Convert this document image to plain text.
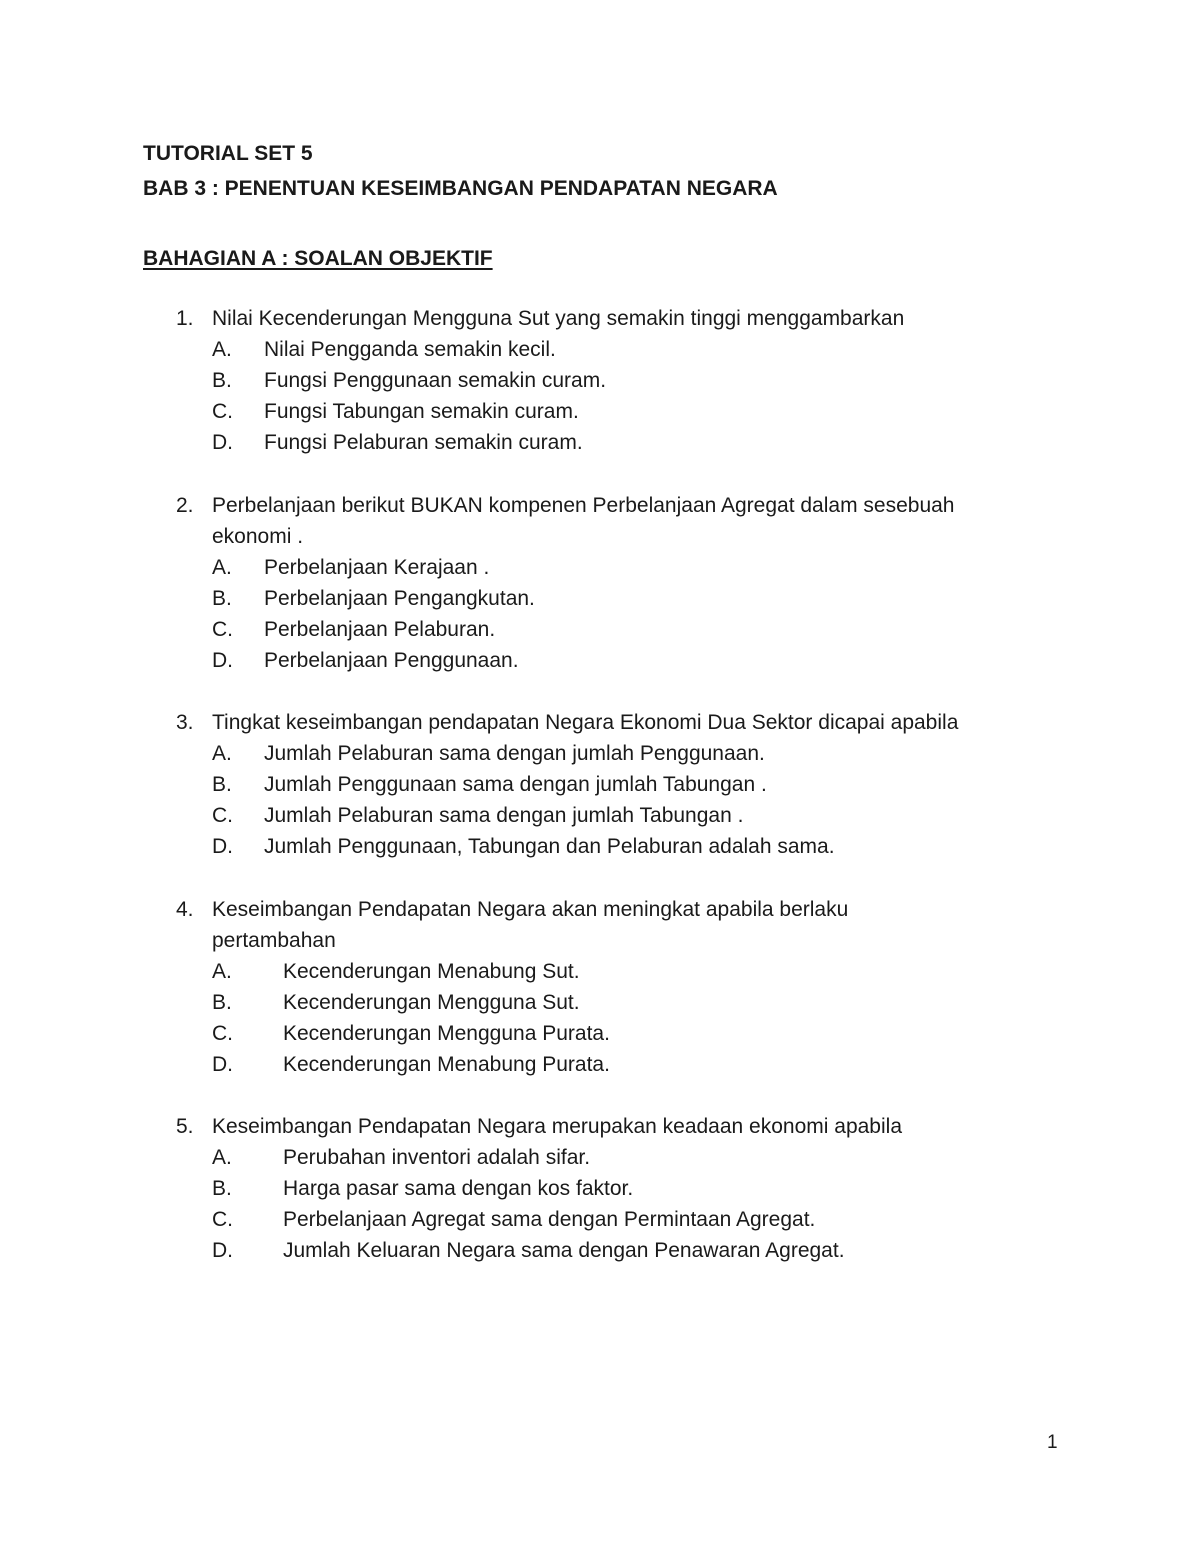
TUTORIAL SET 5
BAB 3 : PENENTUAN KESEIMBANGAN PENDAPATAN NEGARA
BAHAGIAN A : SOALAN OBJEKTIF
1. Nilai Kecenderungan Mengguna Sut yang semakin tinggi menggambarkan
A. Nilai Pengganda semakin kecil.
B. Fungsi Penggunaan semakin curam.
C. Fungsi Tabungan semakin curam.
D. Fungsi Pelaburan semakin curam.
2. Perbelanjaan berikut BUKAN kompenen Perbelanjaan Agregat dalam sesebuah ekonomi .
A. Perbelanjaan Kerajaan .
B. Perbelanjaan Pengangkutan.
C. Perbelanjaan Pelaburan.
D. Perbelanjaan Penggunaan.
3. Tingkat keseimbangan pendapatan Negara Ekonomi Dua Sektor dicapai apabila
A. Jumlah Pelaburan sama dengan jumlah Penggunaan.
B. Jumlah Penggunaan sama dengan jumlah Tabungan .
C. Jumlah Pelaburan sama dengan jumlah Tabungan .
D. Jumlah Penggunaan, Tabungan dan Pelaburan adalah sama.
4. Keseimbangan Pendapatan Negara akan meningkat apabila berlaku pertambahan
A. Kecenderungan Menabung Sut.
B. Kecenderungan Mengguna Sut.
C. Kecenderungan Mengguna Purata.
D. Kecenderungan Menabung Purata.
5. Keseimbangan Pendapatan Negara merupakan keadaan ekonomi apabila
A. Perubahan inventori adalah sifar.
B. Harga pasar sama dengan kos faktor.
C. Perbelanjaan Agregat sama dengan Permintaan Agregat.
D. Jumlah Keluaran Negara sama dengan Penawaran Agregat.
1
